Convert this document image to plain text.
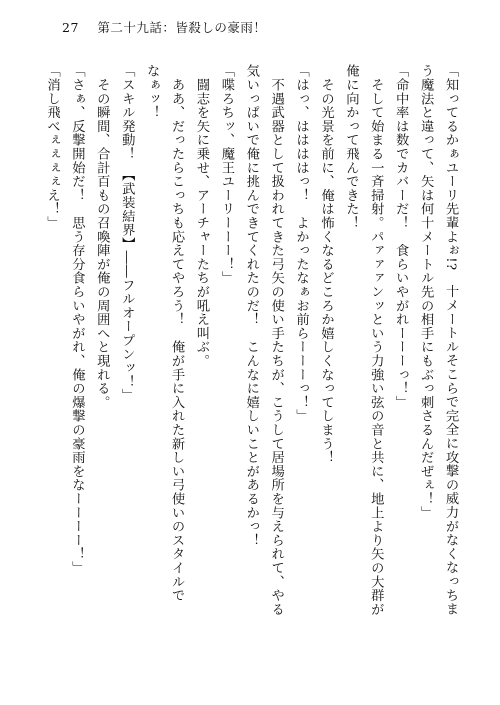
27 第二十九話：皆殺しの豪雨！
「知ってるかぁユーリ先輩よぉ!?　十メートルそこらで完全に攻撃の威力がなくなっちま
う魔法と違って、矢は何十メートル先の相手にもぶっ刺さるんだぜぇ！」
「命中率は数でカバーだ！　食らいやがれーーーっ！」
　そして始まる一斉掃射。パァァァンッという力強い弦の音と共に、地上より矢の大群が
俺に向かって飛んできた！
　その光景を前に、俺は怖くなるどころか嬉しくなってしまう！
「はっ、ははははっ！　よかったなぁお前らーーーっ！」
　不遇武器として扱われてきた弓矢の使い手たちが、こうして居場所を与えられて、やる
気いっぱいで俺に挑んできてくれたのだ！　こんなに嬉しいことがあるかっ！
「喋ろちッ、魔王ユーリーーー！」
　闘志を矢に乗せ、アーチャーたちが吼え叫ぶ。
　ああ、だったらこっちも応えてやろう！　俺が手に入れた新しい弓使いのスタイルで
なぁッ！
「スキル発動！　【武装結界】――フルオープンッ！」
　その瞬間、合計百もの召喚陣が俺の周囲へと現れる。
「さぁ、反撃開始だ！　思う存分食らいやがれ、俺の爆撃の豪雨をなーーーー！」
「消し飛べぇぇぇぇえ！」
